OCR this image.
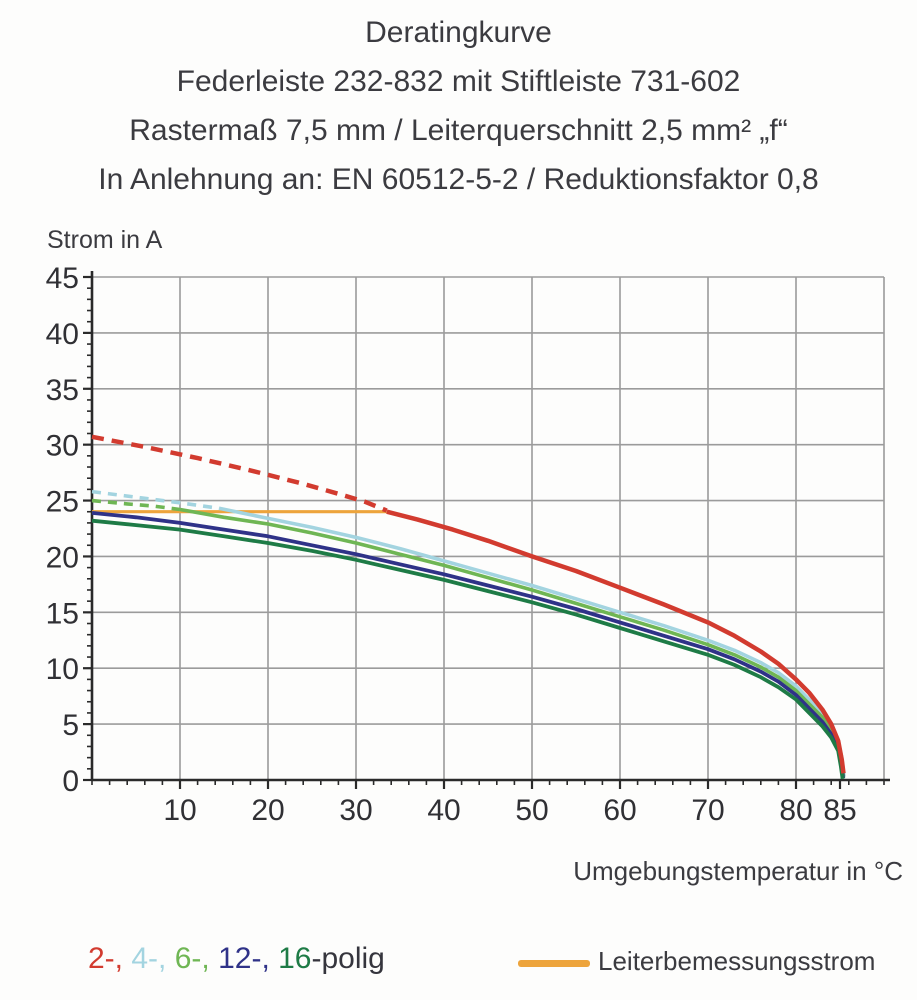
Deratingkurve
Federleiste 232-832 mit Stiftleiste 731-602
Rastermaß 7,5 mm / Leiterquerschnitt 2,5 mm² „f“
In Anlehnung an: EN 60512-5-2 / Reduktionsfaktor 0,8
Strom in A
0
5
10
15
20
25
30
35
40
45
10 20 30 40 50 60 70 80 85
Umgebungstemperatur in °C
2-, 4-, 6-, 12-, 16-polig	Leiterbemessungsstrom
